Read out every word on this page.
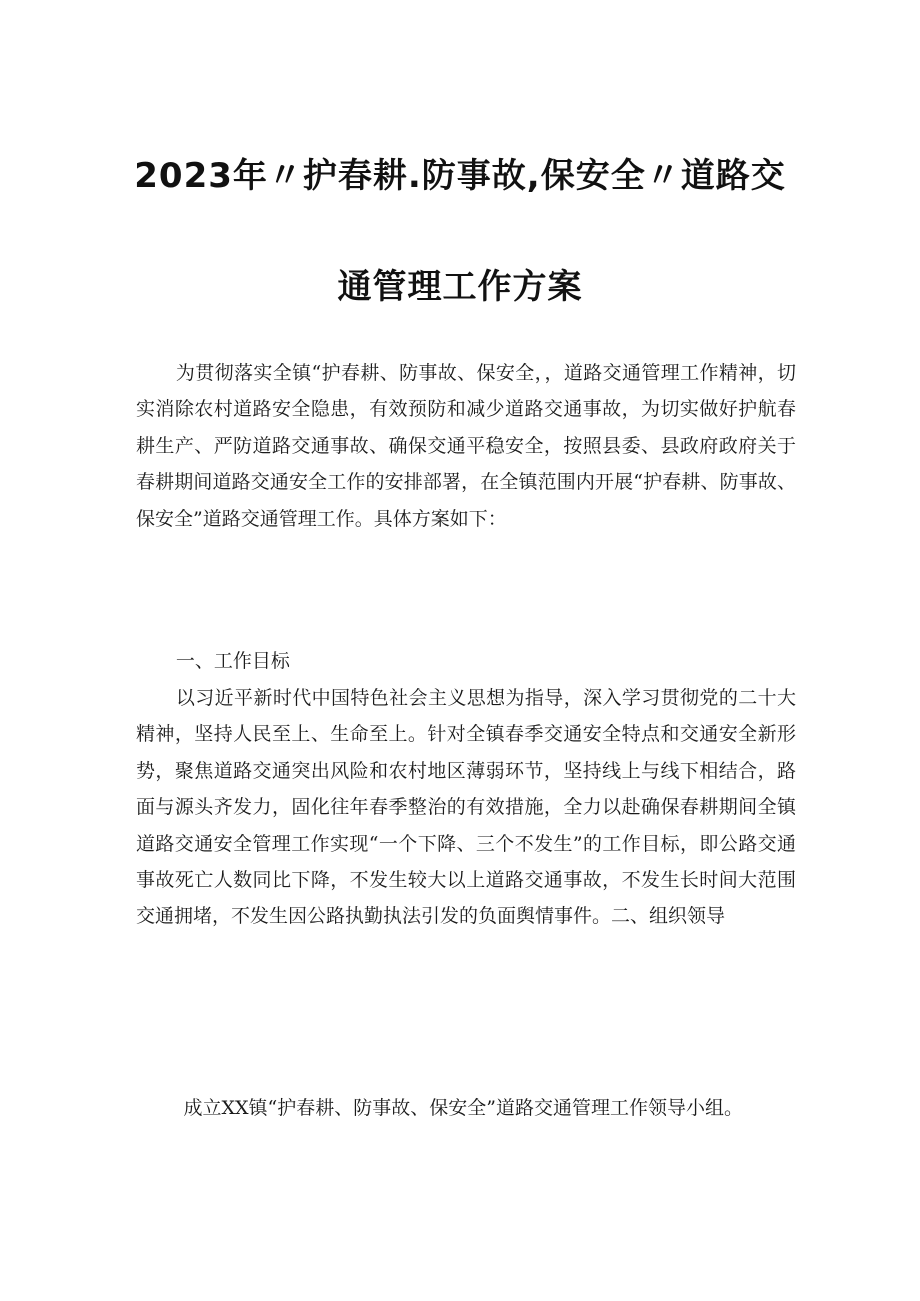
2023年〃护春耕.防事故,保安全〃道路交
通管理工作方案

为贯彻落实全镇“护春耕、防事故、保安全，，道路交通管理工作精神，切实消除农村道路安全隐患，有效预防和减少道路交通事故，为切实做好护航春耕生产、严防道路交通事故、确保交通平稳安全，按照县委、县政府政府关于春耕期间道路交通安全工作的安排部署，在全镇范围内开展“护春耕、防事故、保安全”道路交通管理工作。具体方案如下：

一、工作目标

以习近平新时代中国特色社会主义思想为指导，深入学习贯彻党的二十大精神，坚持人民至上、生命至上。针对全镇春季交通安全特点和交通安全新形势，聚焦道路交通突出风险和农村地区薄弱环节，坚持线上与线下相结合，路面与源头齐发力，固化往年春季整治的有效措施，全力以赴确保春耕期间全镇道路交通安全管理工作实现“一个下降、三个不发生”的工作目标，即公路交通事故死亡人数同比下降，不发生较大以上道路交通事故，不发生长时间大范围交通拥堵，不发生因公路执勤执法引发的负面舆情事件。二、组织领导

成立XX镇“护春耕、防事故、保安全”道路交通管理工作领导小组。
